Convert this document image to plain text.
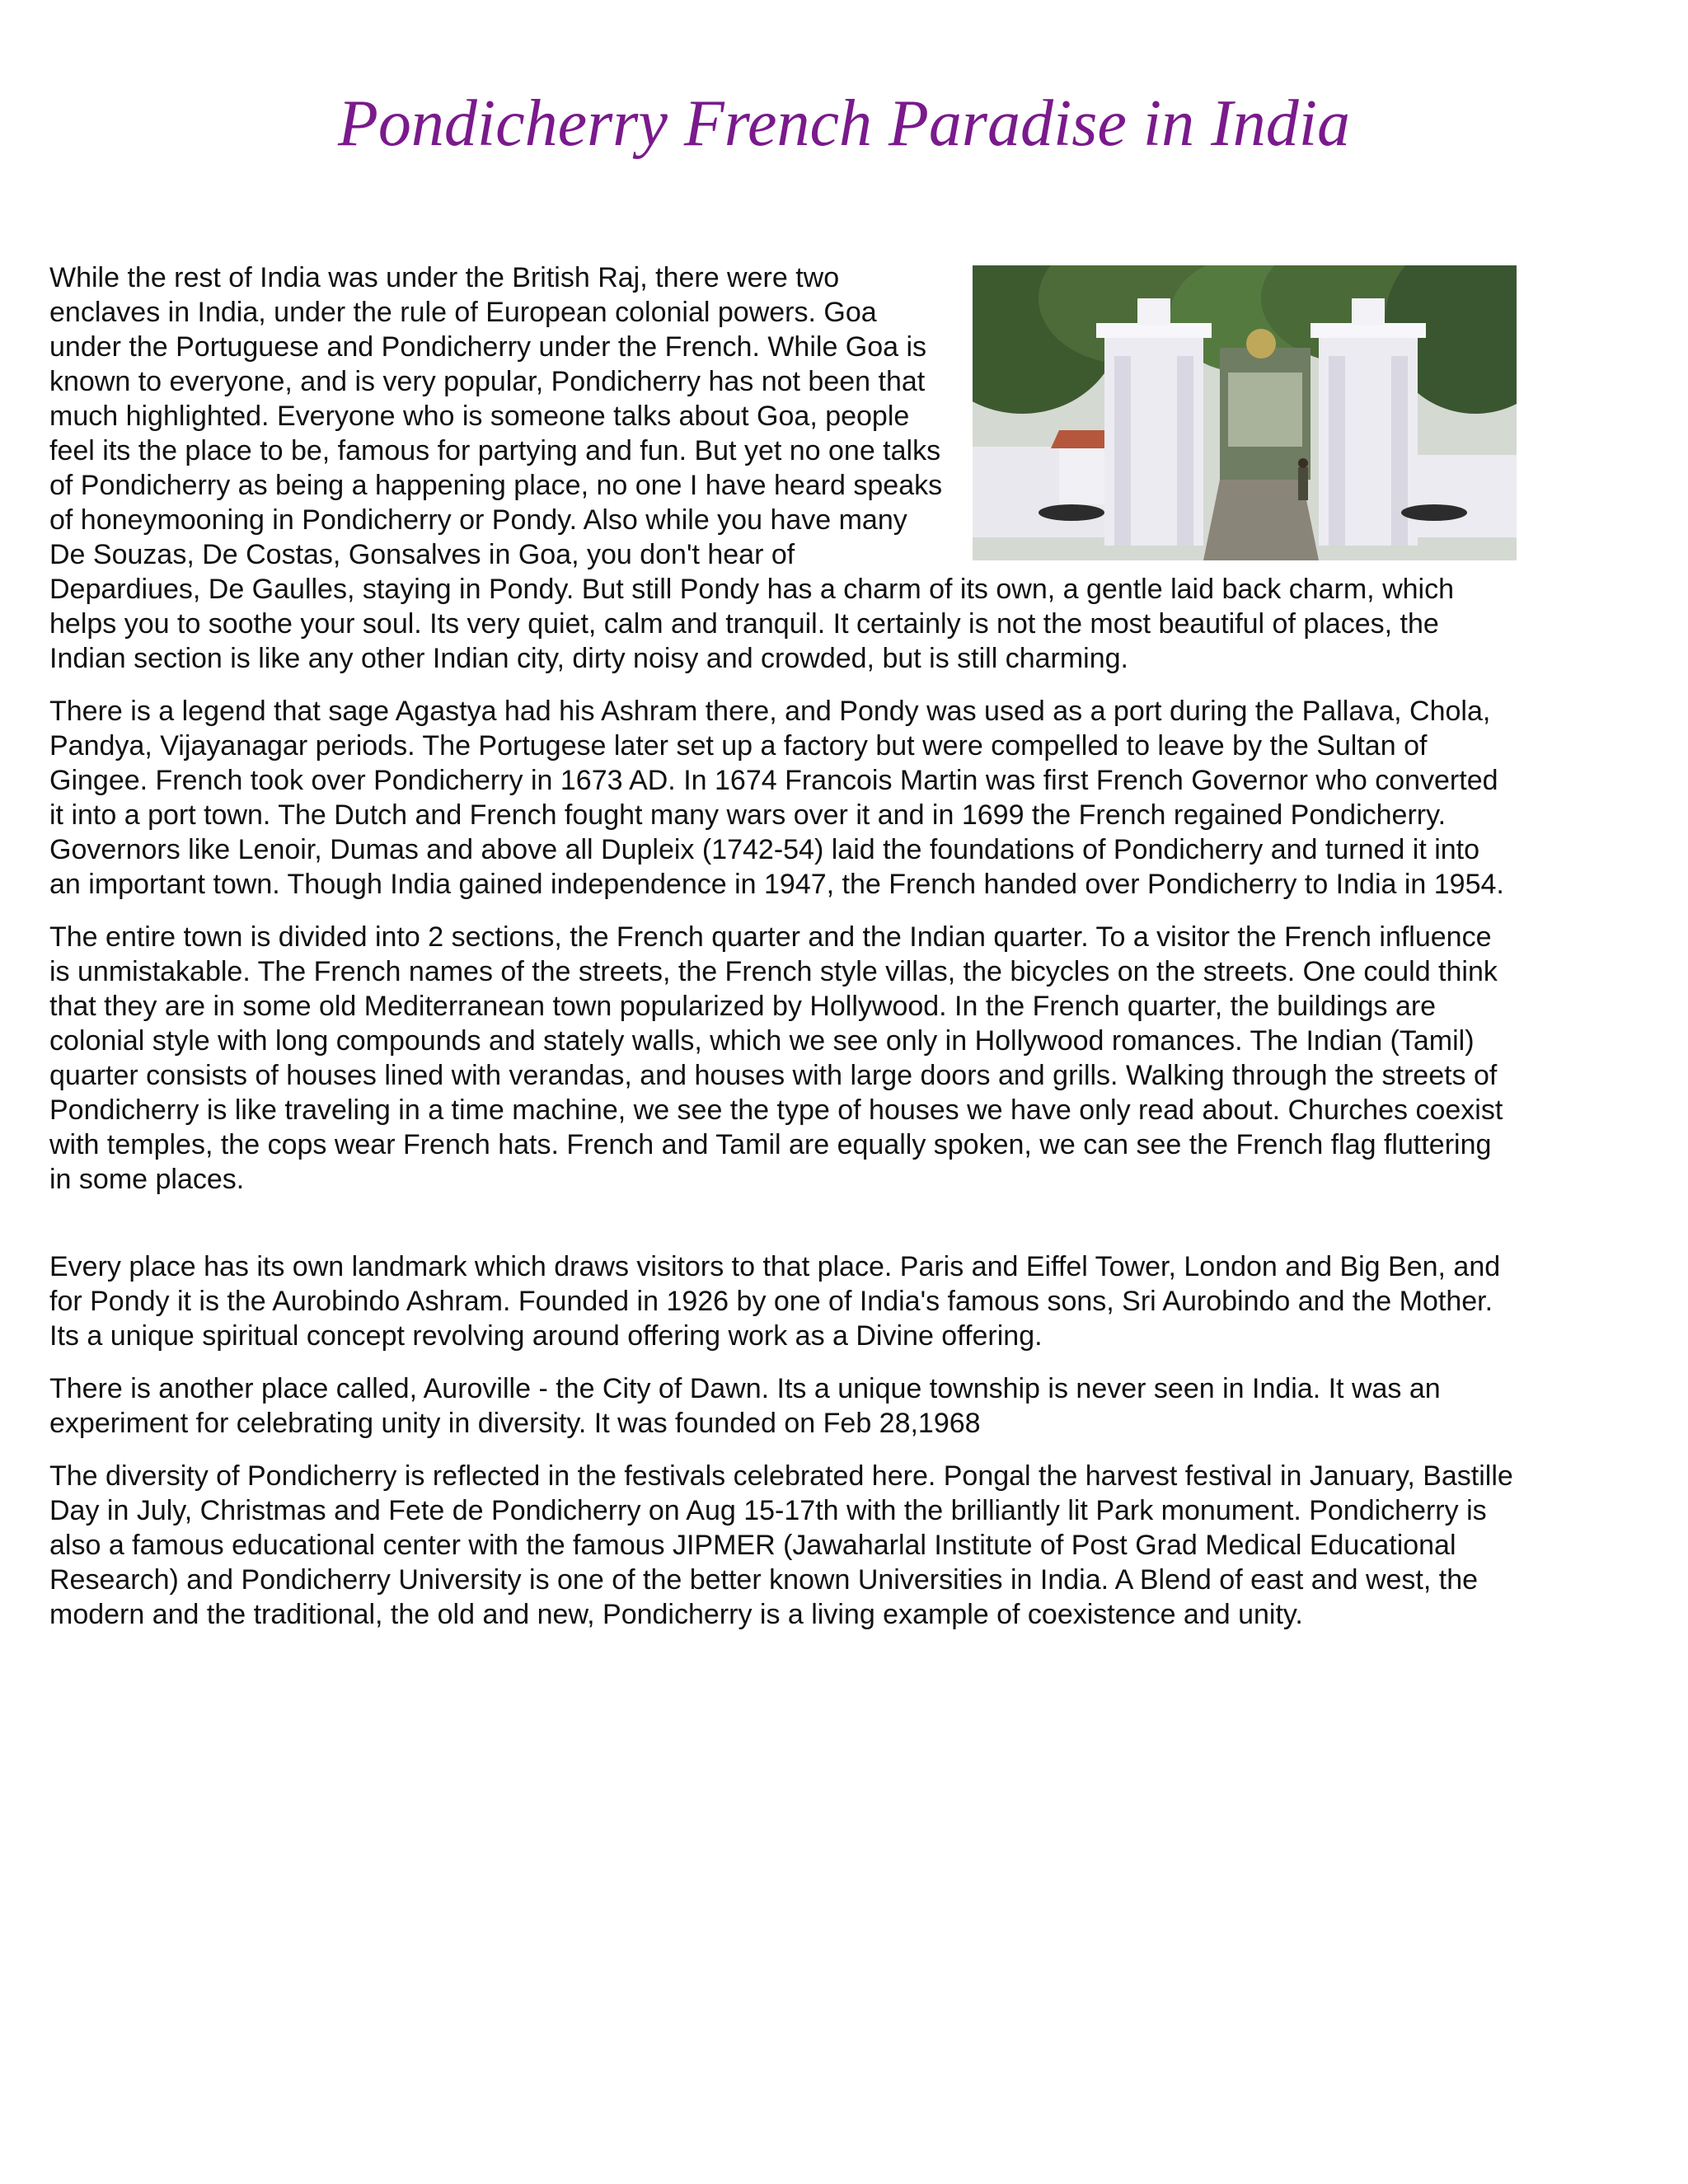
Pondicherry French Paradise in India

While the rest of India was under the British Raj, there were two enclaves in India, under the rule of European colonial powers. Goa under the Portuguese and Pondicherry under the French. While Goa is known to everyone, and is very popular, Pondicherry has not been that much highlighted. Everyone who is someone talks about Goa, people feel its the place to be, famous for partying and fun. But yet no one talks of Pondicherry as being a happening place, no one I have heard speaks of honeymooning in Pondicherry or Pondy. Also while you have many De Souzas, De Costas, Gonsalves in Goa, you don't hear of Depardiues, De Gaulles, staying in Pondy. But still Pondy has a charm of its own, a gentle laid back charm, which helps you to soothe your soul. Its very quiet, calm and tranquil. It certainly is not the most beautiful of places, the Indian section is like any other Indian city, dirty noisy and crowded, but is still charming.

There is a legend that sage Agastya had his Ashram there, and Pondy was used as a port during the Pallava, Chola, Pandya, Vijayanagar periods. The Portugese later set up a factory but were compelled to leave by the Sultan of Gingee. French took over Pondicherry in 1673 AD. In 1674 Francois Martin was first French Governor who converted it into a port town. The Dutch and French fought many wars over it and in 1699 the French regained Pondicherry. Governors like Lenoir, Dumas and above all Dupleix (1742-54) laid the foundations of Pondicherry and turned it into an important town. Though India gained independence in 1947, the French handed over Pondicherry to India in 1954.

The entire town is divided into 2 sections, the French quarter and the Indian quarter. To a visitor the French influence is unmistakable. The French names of the streets, the French style villas, the bicycles on the streets. One could think that they are in some old Mediterranean town popularized by Hollywood. In the French quarter, the buildings are colonial style with long compounds and stately walls, which we see only in Hollywood romances. The Indian (Tamil) quarter consists of houses lined with verandas, and houses with large doors and grills. Walking through the streets of Pondicherry is like traveling in a time machine, we see the type of houses we have only read about. Churches coexist with temples, the cops wear French hats. French and Tamil are equally spoken, we can see the French flag fluttering in some places.

Every place has its own landmark which draws visitors to that place. Paris and Eiffel Tower, London and Big Ben, and for Pondy it is the Aurobindo Ashram. Founded in 1926 by one of India's famous sons, Sri Aurobindo and the Mother. Its a unique spiritual concept revolving around offering work as a Divine offering.

There is another place called, Auroville - the City of Dawn. Its a unique township is never seen in India. It was an experiment for celebrating unity in diversity. It was founded on Feb 28,1968

The diversity of Pondicherry is reflected in the festivals celebrated here. Pongal the harvest festival in January, Bastille Day in July, Christmas and Fete de Pondicherry on Aug 15-17th with the brilliantly lit Park monument. Pondicherry is also a famous educational center with the famous JIPMER (Jawaharlal Institute of Post Grad Medical Educational Research) and Pondicherry University is one of the better known Universities in India. A Blend of east and west, the modern and the traditional, the old and new, Pondicherry is a living example of coexistence and unity.
